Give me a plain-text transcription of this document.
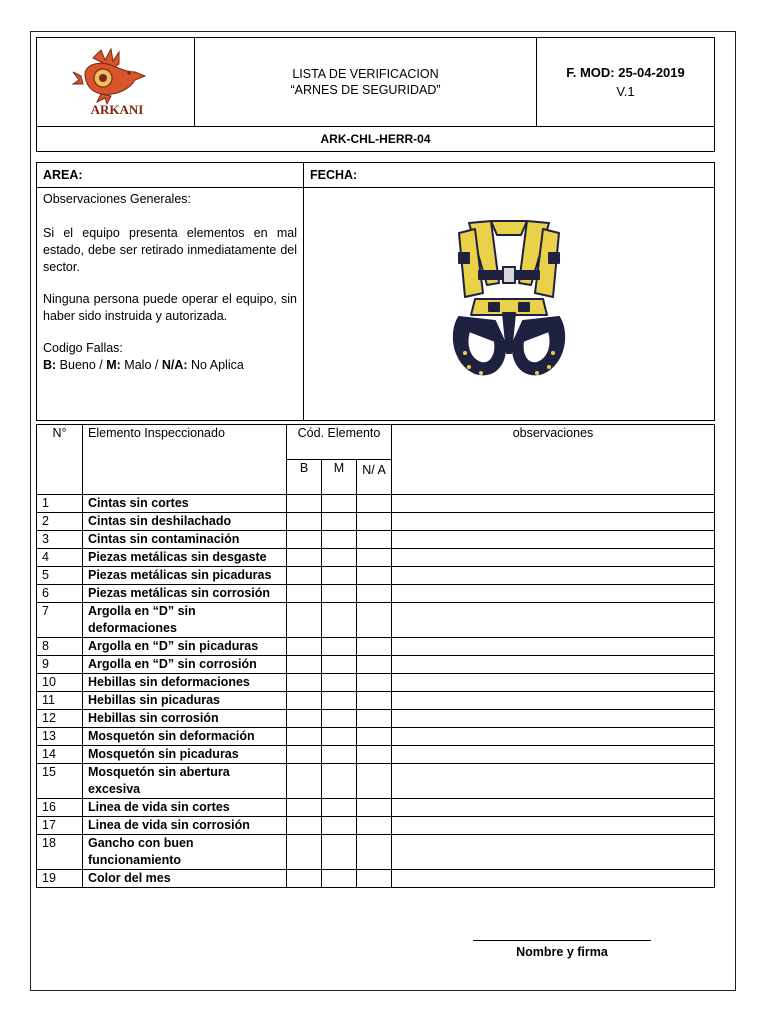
ARKANI

LISTA DE VERIFICACION
“ARNES DE SEGURIDAD”

F. MOD: 25-04-2019
V.1

ARK-CHL-HERR-04
AREA:	FECHA:

Observaciones Generales:

Si el equipo presenta elementos en mal estado, debe ser retirado inmediatamente del sector.

Ninguna persona puede operar el equipo, sin haber sido instruida y autorizada.

Codigo Fallas:

B: Bueno / M: Malo / N/A: No Aplica

N°	Elemento Inspeccionado	Cód. Elemento			observaciones

		B	M	N/ A	
1	Cintas sin cortes				
2	Cintas sin deshilachado				
3	Cintas sin contaminación				
4	Piezas metálicas sin desgaste				
5	Piezas metálicas sin picaduras				
6	Piezas metálicas sin corrosión				
7	Argolla en “D” sin deformaciones				
8	Argolla en “D” sin picaduras				
9	Argolla en “D” sin corrosión				
10	Hebillas sin deformaciones				
11	Hebillas sin picaduras				
12	Hebillas sin corrosión				
13	Mosquetón sin deformación				
14	Mosquetón sin picaduras				
15	Mosquetón sin abertura excesiva				
16	Linea de vida sin cortes				
17	Linea de vida sin corrosión				
18	Gancho con buen funcionamiento				
19	Color del mes				
Nombre y firma
